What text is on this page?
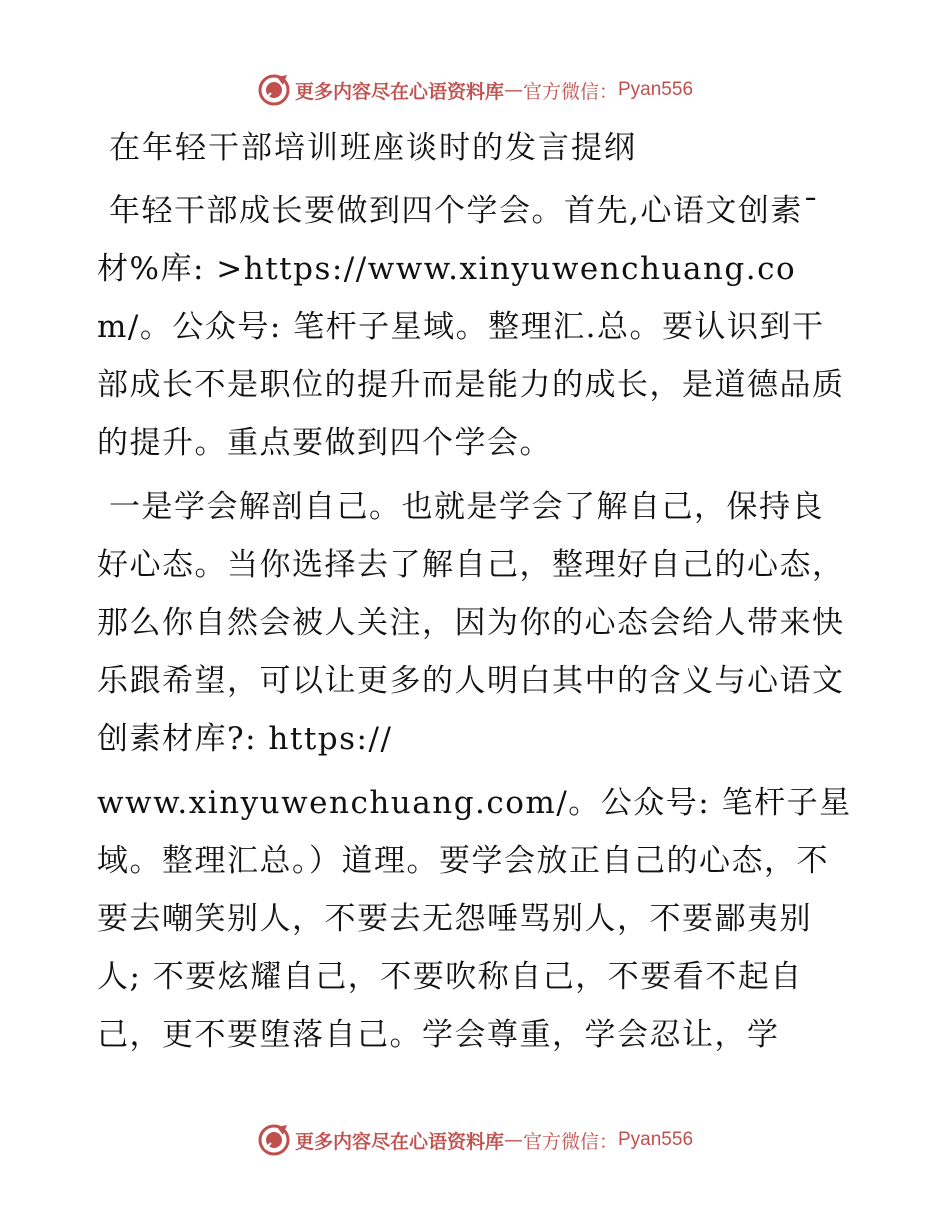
更多内容尽在心语资料库 — 官方微信： Pyan556
在年轻干部培训班座谈时的发言提纲
年轻干部成长要做到四个学会。首先,心语文创素¯材%库: >https://www.xinyuwenchuang.com/。公众号: 笔杆子星域。整理汇.总。要认识到干部成长不是职位的提升而是能力的成长，是道德品质的提升。重点要做到四个学会。
一是学会解剖自己。也就是学会了解自己，保持良好心态。当你选择去了解自己，整理好自己的心态，那么你自然会被人关注，因为你的心态会给人带来快乐跟希望，可以让更多的人明白其中的含义与心语文创素材库?: https://
www.xinyuwenchuang.com/。公众号: 笔杆子星域。整理汇总。）道理。要学会放正自己的心态，不要去嘲笑别人，不要去无怨唾骂别人，不要鄙夷别人; 不要炫耀自己，不要吹称自己，不要看不起自己，更不要堕落自己。学会尊重，学会忍让，学
更多内容尽在心语资料库 — 官方微信： Pyan556
